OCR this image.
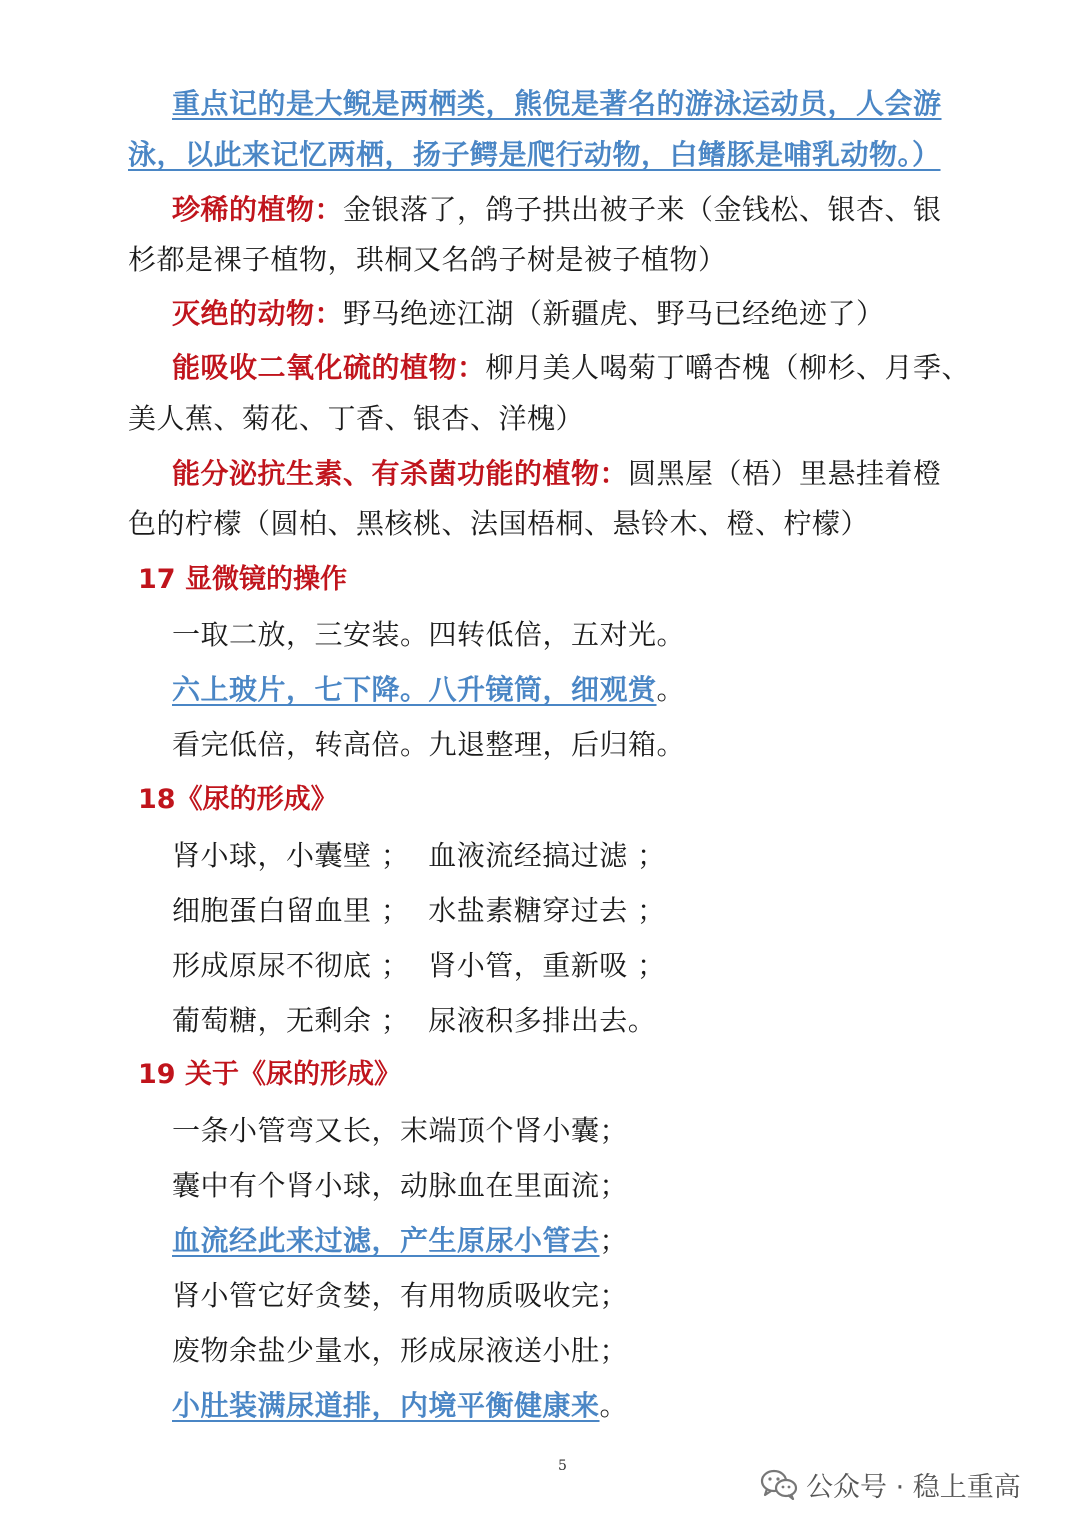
重点记的是大鲵是两栖类，熊倪是著名的游泳运动员，人会游
泳，以此来记忆两栖，扬子鳄是爬行动物，白鳍豚是哺乳动物。）
珍稀的植物：金银落了，鸽子拱出被子来（金钱松、银杏、银
杉都是裸子植物，珙桐又名鸽子树是被子植物）
灭绝的动物：野马绝迹江湖（新疆虎、野马已经绝迹了）
能吸收二氧化硫的植物：柳月美人喝菊丁嚼杏槐（柳杉、月季、
美人蕉、菊花、丁香、银杏、洋槐）
能分泌抗生素、有杀菌功能的植物：圆黑屋（梧）里悬挂着橙
色的柠檬（圆柏、黑核桃、法国梧桐、悬铃木、橙、柠檬）
17 显微镜的操作
一取二放，三安装。四转低倍，五对光。
六上玻片，七下降。八升镜筒，细观赏。
看完低倍，转高倍。九退整理，后归箱。
18《尿的形成》
肾小球，小囊壁 ；  血液流经搞过滤 ；
细胞蛋白留血里 ；  水盐素糖穿过去 ；
形成原尿不彻底 ；  肾小管，重新吸 ；
葡萄糖，无剩余 ；  尿液积多排出去。
19 关于《尿的形成》
一条小管弯又长，末端顶个肾小囊；
囊中有个肾小球，动脉血在里面流；
血流经此来过滤，产生原尿小管去；
肾小管它好贪婪，有用物质吸收完；
废物余盐少量水，形成尿液送小肚；
小肚装满尿道排，内境平衡健康来。
5
公众号 · 稳上重高
